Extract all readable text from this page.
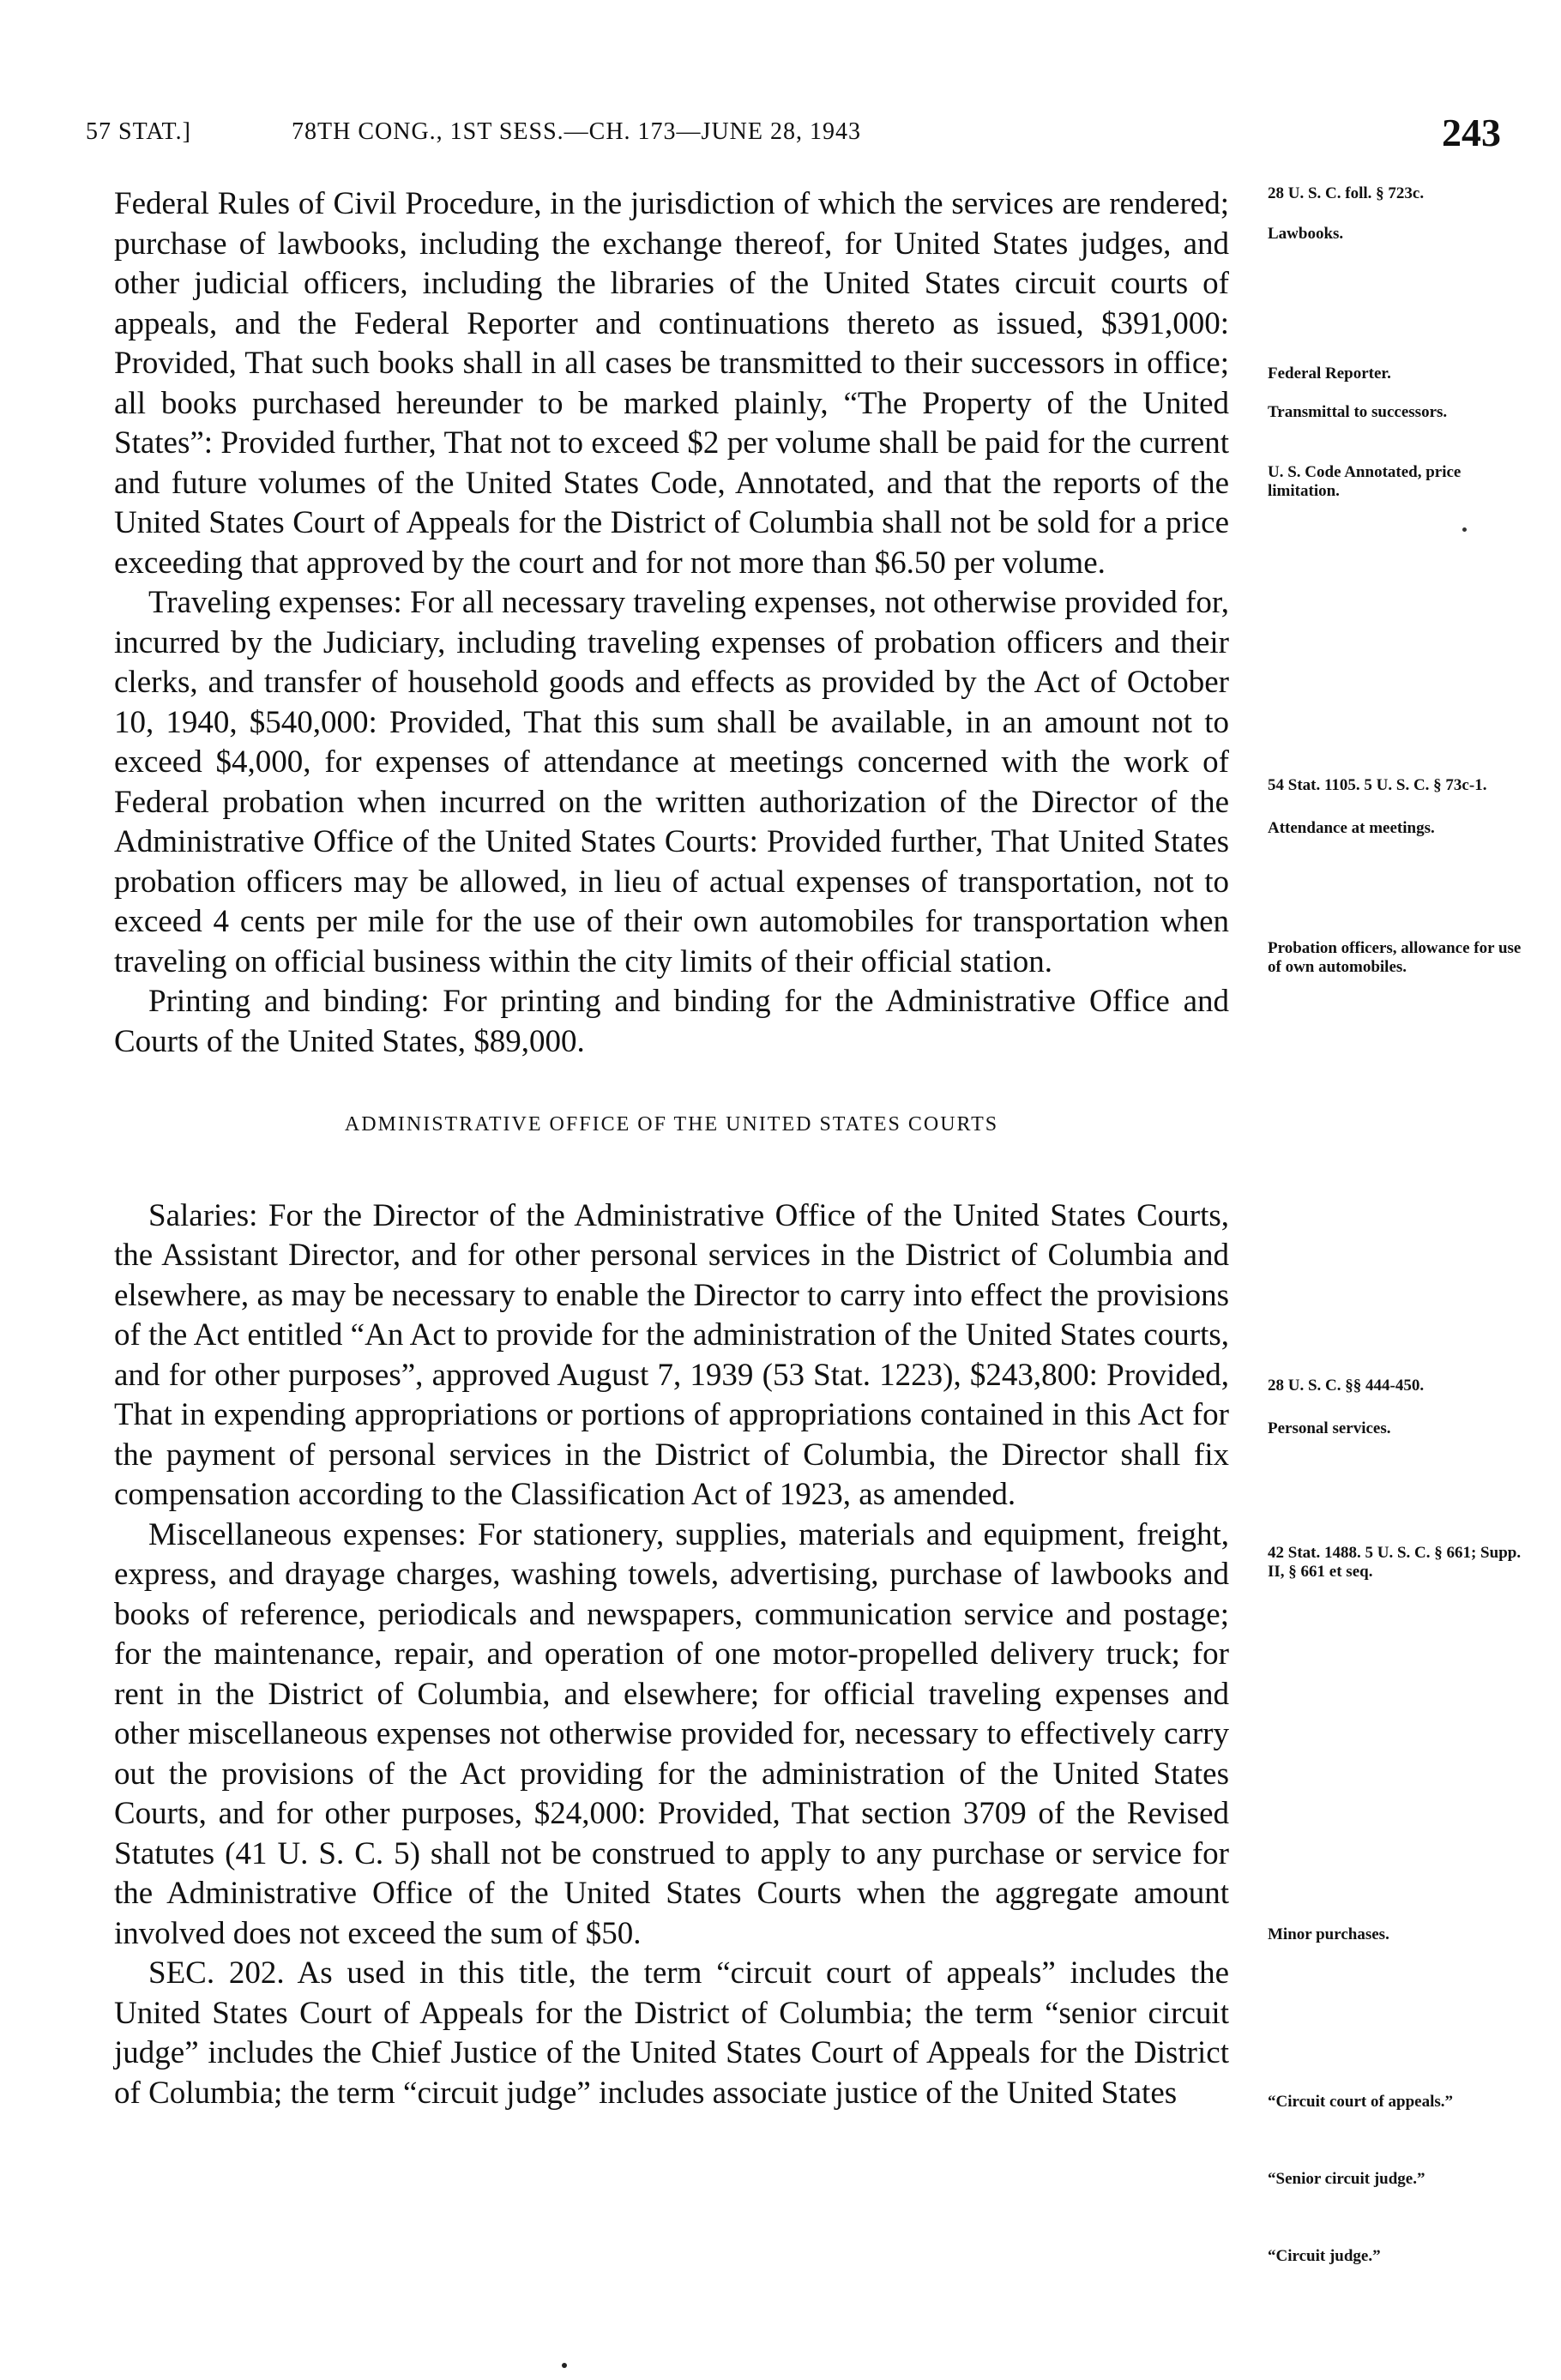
57 STAT.]	78TH CONG., 1ST SESS.—CH. 173—JUNE 28, 1943	243

Federal Rules of Civil Procedure, in the jurisdiction of which the services are rendered; purchase of lawbooks, including the exchange thereof, for United States judges, and other judicial officers, including the libraries of the United States circuit courts of appeals, and the Federal Reporter and continuations thereto as issued, $391,000: Provided, That such books shall in all cases be transmitted to their successors in office; all books purchased hereunder to be marked plainly, “The Property of the United States”: Provided further, That not to exceed $2 per volume shall be paid for the current and future volumes of the United States Code, Annotated, and that the reports of the United States Court of Appeals for the District of Columbia shall not be sold for a price exceeding that approved by the court and for not more than $6.50 per volume.

Traveling expenses: For all necessary traveling expenses, not otherwise provided for, incurred by the Judiciary, including traveling expenses of probation officers and their clerks, and transfer of household goods and effects as provided by the Act of October 10, 1940, $540,000: Provided, That this sum shall be available, in an amount not to exceed $4,000, for expenses of attendance at meetings concerned with the work of Federal probation when incurred on the written authorization of the Director of the Administrative Office of the United States Courts: Provided further, That United States probation officers may be allowed, in lieu of actual expenses of transportation, not to exceed 4 cents per mile for the use of their own automobiles for transportation when traveling on official business within the city limits of their official station.

Printing and binding: For printing and binding for the Administrative Office and Courts of the United States, $89,000.

ADMINISTRATIVE OFFICE OF THE UNITED STATES COURTS

Salaries: For the Director of the Administrative Office of the United States Courts, the Assistant Director, and for other personal services in the District of Columbia and elsewhere, as may be necessary to enable the Director to carry into effect the provisions of the Act entitled “An Act to provide for the administration of the United States courts, and for other purposes”, approved August 7, 1939 (53 Stat. 1223), $243,800: Provided, That in expending appropriations or portions of appropriations contained in this Act for the payment of personal services in the District of Columbia, the Director shall fix compensation according to the Classification Act of 1923, as amended.

Miscellaneous expenses: For stationery, supplies, materials and equipment, freight, express, and drayage charges, washing towels, advertising, purchase of lawbooks and books of reference, periodicals and newspapers, communication service and postage; for the maintenance, repair, and operation of one motor-propelled delivery truck; for rent in the District of Columbia, and elsewhere; for official traveling expenses and other miscellaneous expenses not otherwise provided for, necessary to effectively carry out the provisions of the Act providing for the administration of the United States Courts, and for other purposes, $24,000: Provided, That section 3709 of the Revised Statutes (41 U. S. C. 5) shall not be construed to apply to any purchase or service for the Administrative Office of the United States Courts when the aggregate amount involved does not exceed the sum of $50.

SEC. 202. As used in this title, the term “circuit court of appeals” includes the United States Court of Appeals for the District of Columbia; the term “senior circuit judge” includes the Chief Justice of the United States Court of Appeals for the District of Columbia; the term “circuit judge” includes associate justice of the United States

28 U. S. C. foll. § 723c.
Lawbooks.
Federal Reporter.
Transmittal to successors.
U. S. Code Annotated, price limitation.
54 Stat. 1105. 5 U. S. C. § 73c-1.
Attendance at meetings.
Probation officers, allowance for use of own automobiles.
28 U. S. C. §§ 444-450.
Personal services.
42 Stat. 1488. 5 U. S. C. § 661; Supp. II, § 661 et seq.
Minor purchases.
“Circuit court of appeals.”
“Senior circuit judge.”
“Circuit judge.”
